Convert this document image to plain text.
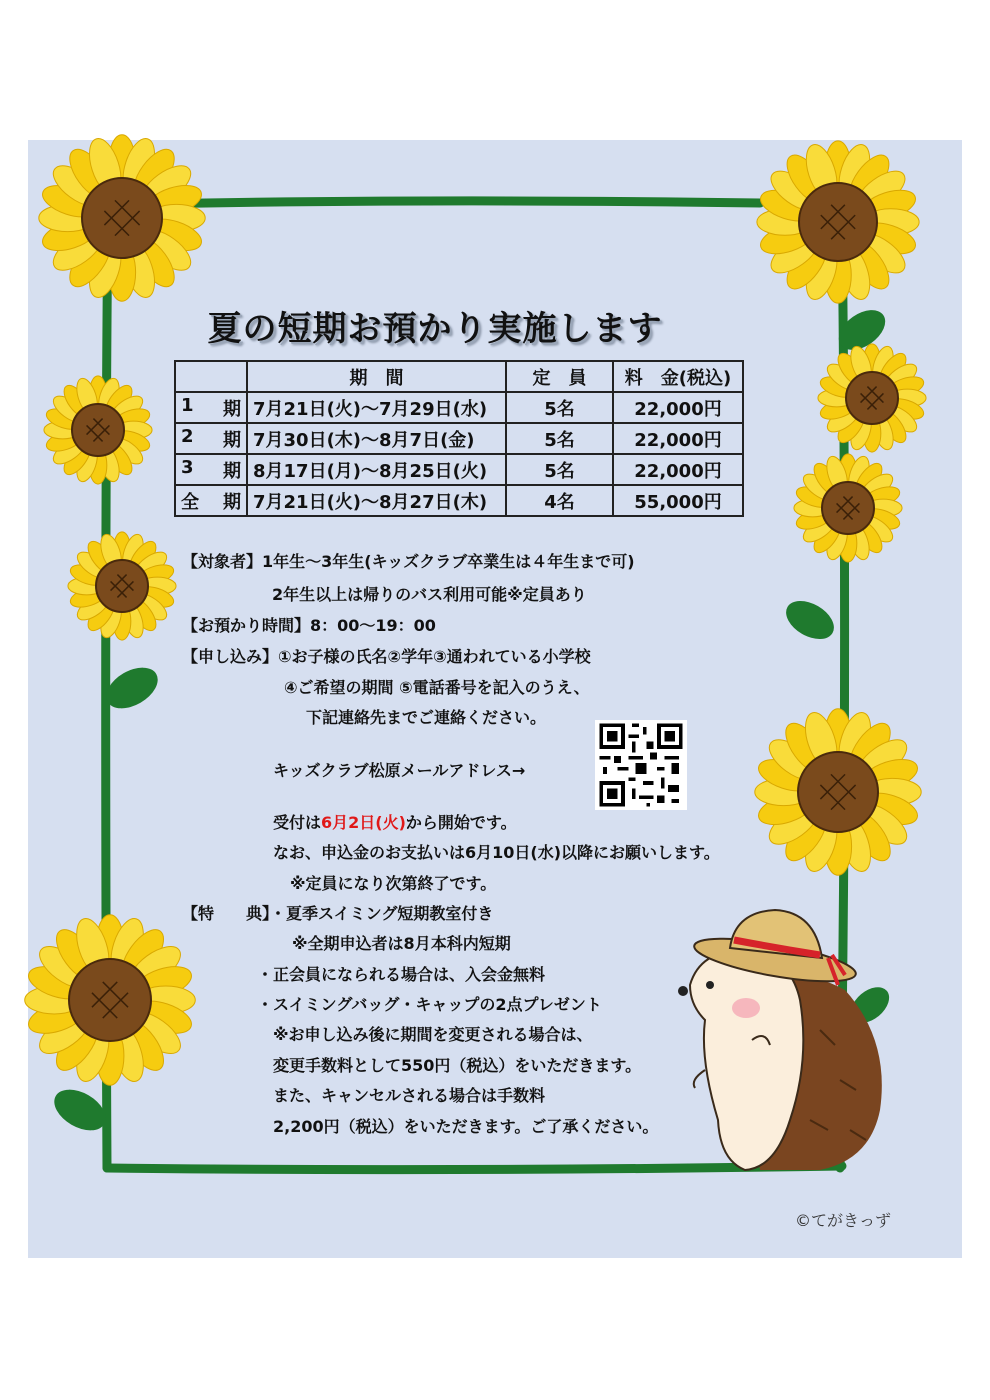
夏の短期お預かり実施します
	期　間	定　員	料　金(税込)

1 期	7月21日(火)～7月29日(水)	5名	22,000円

2 期	7月30日(木)～8月7日(金)	5名	22,000円

3 期	8月17日(月)～8月25日(火)	5名	22,000円

全 期	7月21日(火)～8月27日(木)	4名	55,000円
【対象者】1年生～3年生(キッズクラブ卒業生は４年生まで可)
2年生以上は帰りのバス利用可能※定員あり
【お預かり時間】8：00～19：00
【申し込み】①お子様の氏名②学年③通われている小学校
④ご希望の期間 ⑤電話番号を記入のうえ、
下記連絡先までご連絡ください。
キッズクラブ松原メールアドレス→
受付は6月2日(火)から開始です。
なお、申込金のお支払いは6月10日(水)以降にお願いします。
※定員になり次第終了です。
【特　　典】・夏季スイミング短期教室付き
※全期申込者は8月本科内短期
・正会員になられる場合は、入会金無料
・スイミングバッグ・キャップの2点プレゼント
※お申し込み後に期間を変更される場合は、
変更手数料として550円（税込）をいただきます。
また、キャンセルされる場合は手数料
2,200円（税込）をいただきます。ご了承ください。
©てがきっず
